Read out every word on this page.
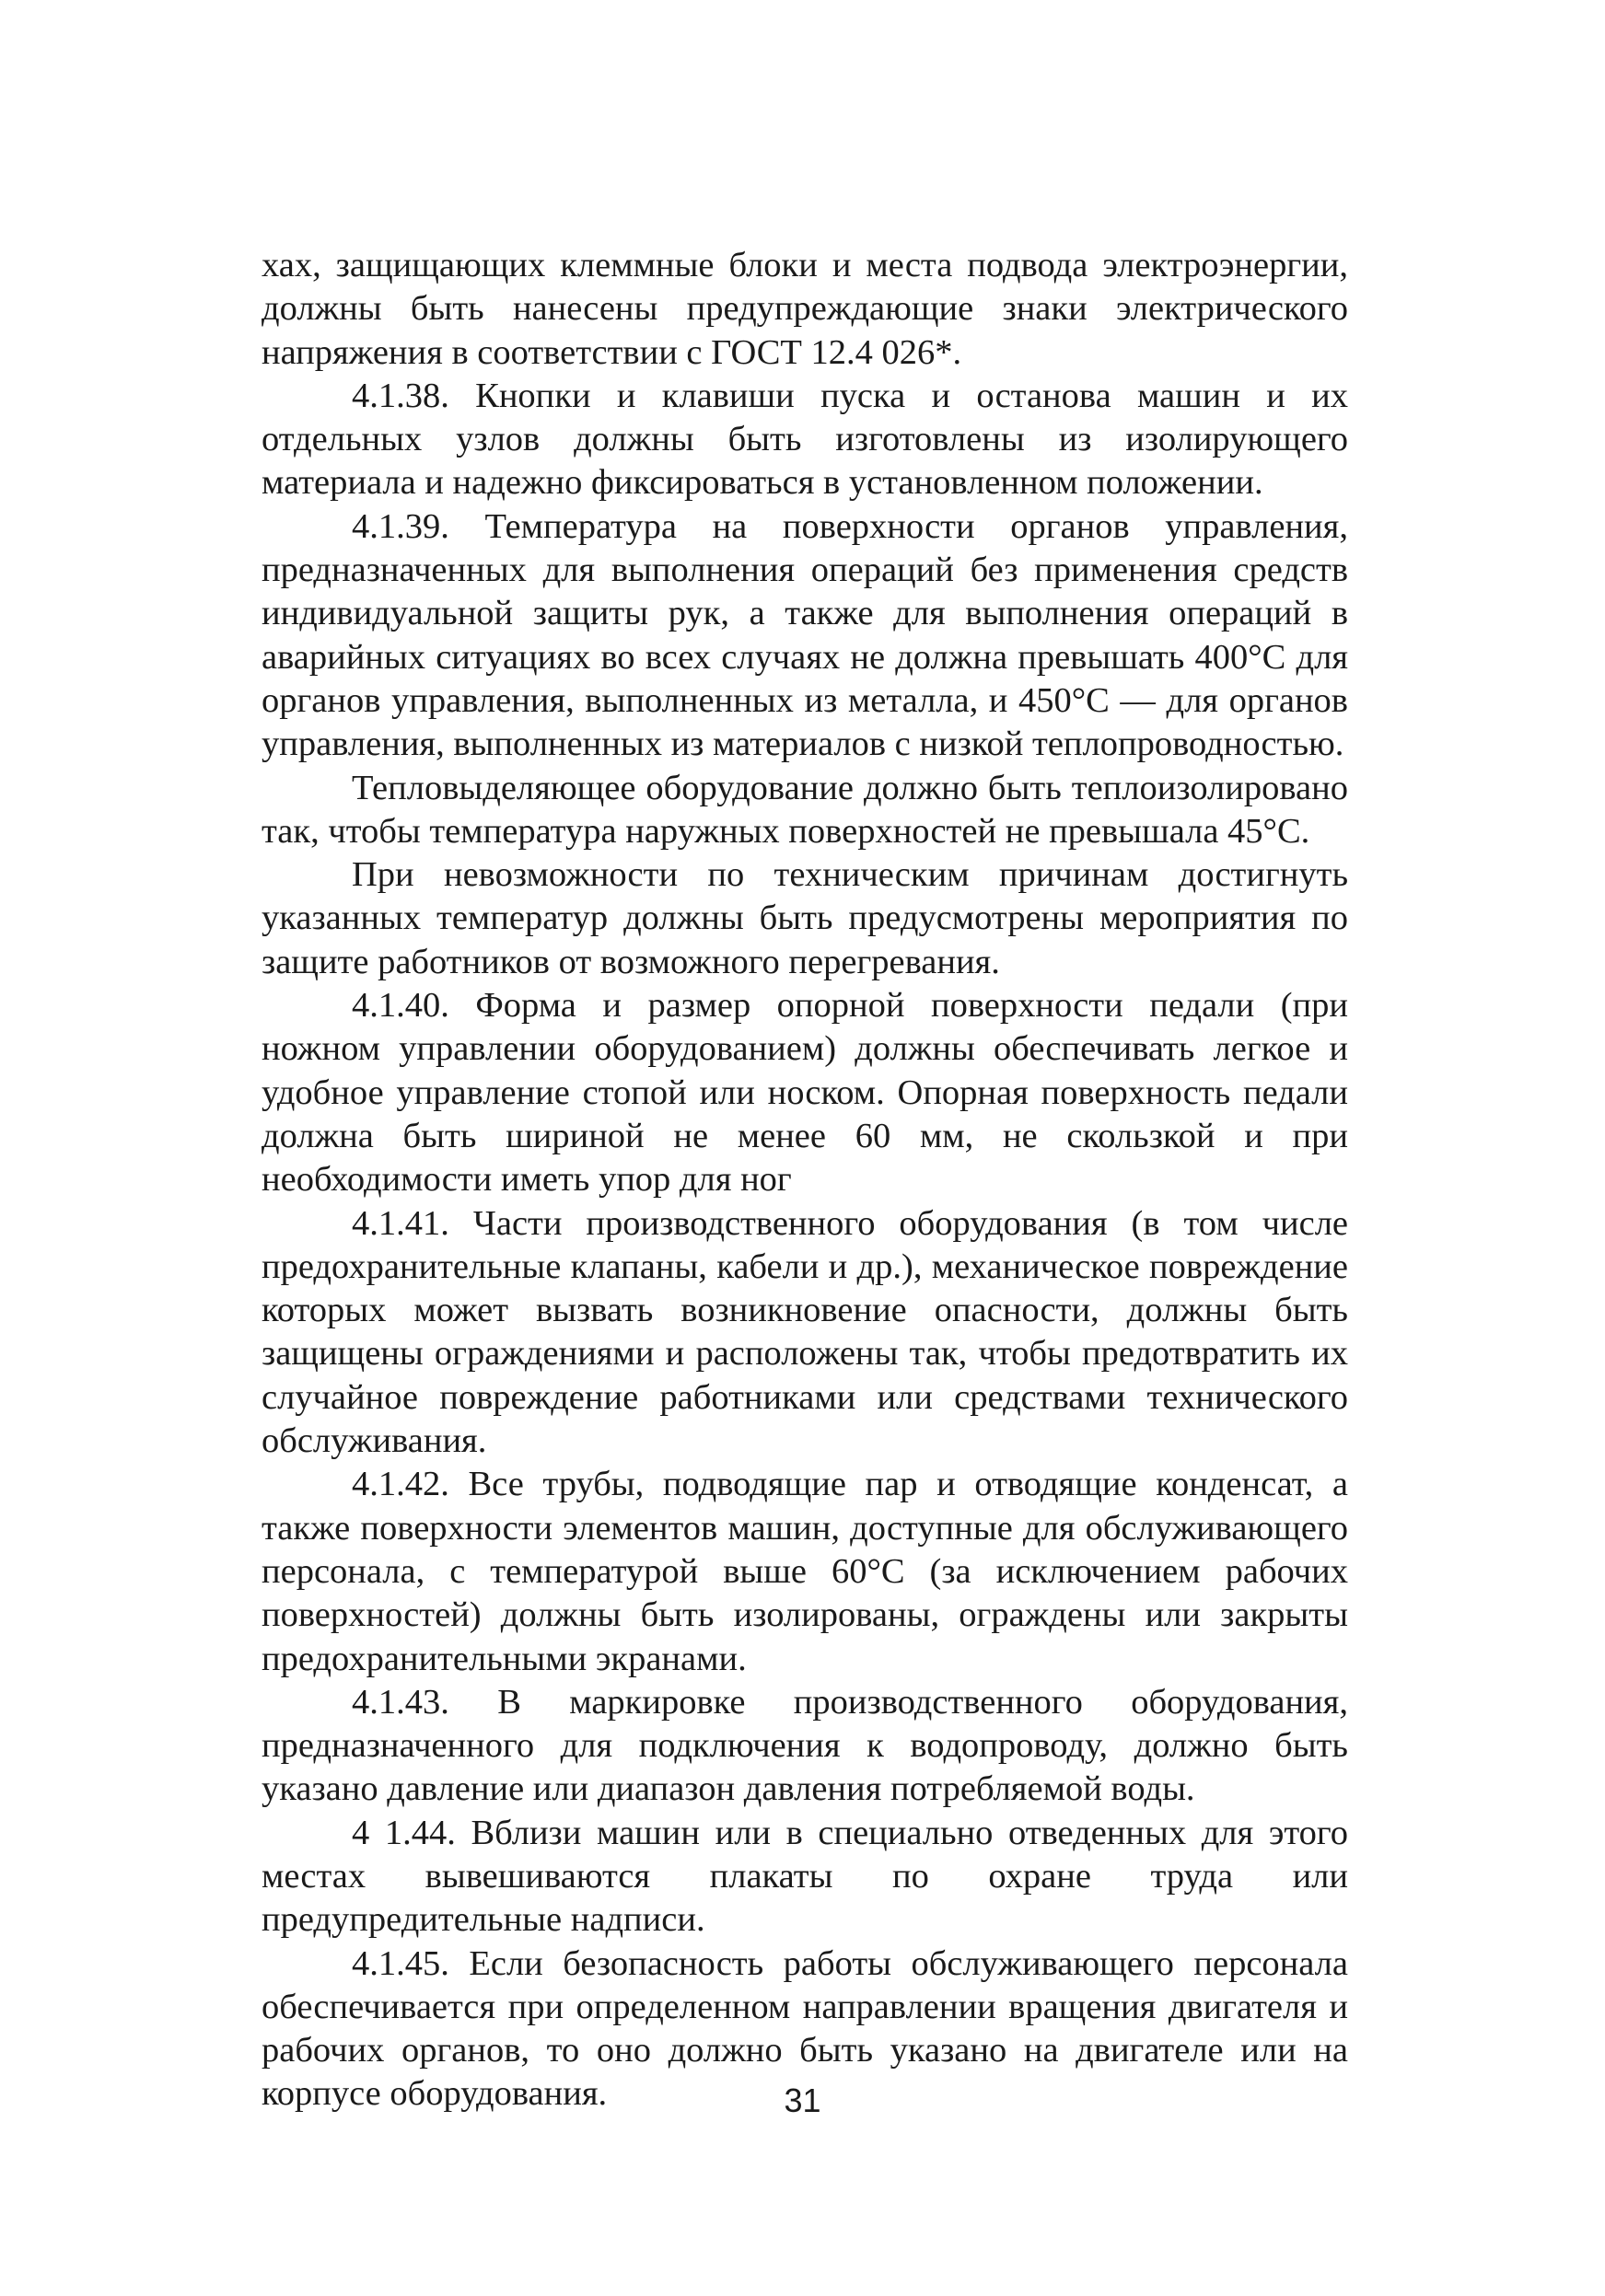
хах, защищающих клеммные блоки и места подвода электроэнергии, должны быть нанесены предупреждающие знаки электрического напряжения в соответствии с ГОСТ 12.4 026*.

4.1.38. Кнопки и клавиши пуска и останова машин и их отдельных узлов должны быть изготовлены из изолирующего материала и надежно фиксироваться в установленном положении.

4.1.39. Температура на поверхности органов управления, предназначенных для выполнения операций без применения средств индивидуальной защиты рук, а также для выполнения операций в аварийных ситуациях во всех случаях не должна превышать 400°С для органов управления, выполненных из металла, и 450°С — для органов управления, выполненных из материалов с низкой теплопроводностью.

Тепловыделяющее оборудование должно быть теплоизолировано так, чтобы температура наружных поверхностей не превышала 45°С.

При невозможности по техническим причинам достигнуть указанных температур должны быть предусмотрены мероприятия по защите работников от возможного перегревания.

4.1.40. Форма и размер опорной поверхности педали (при ножном управлении оборудованием) должны обеспечивать легкое и удобное управление стопой или носком. Опорная поверхность педали должна быть шириной не менее 60 мм, не скользкой и при необходимости иметь упор для ног

4.1.41. Части производственного оборудования (в том числе предохранительные клапаны, кабели и др.), механическое повреждение которых может вызвать возникновение опасности, должны быть защищены ограждениями и расположены так, чтобы предотвратить их случайное повреждение работниками или средствами технического обслуживания.

4.1.42. Все трубы, подводящие пар и отводящие конденсат, а также поверхности элементов машин, доступные для обслуживающего персонала, с температурой выше 60°С (за исключением рабочих поверхностей) должны быть изолированы, ограждены или закрыты предохранительными экранами.

4.1.43. В маркировке производственного оборудования, предназначенного для подключения к водопроводу, должно быть указано давление или диапазон давления потребляемой воды.

4 1.44. Вблизи машин или в специально отведенных для этого местах вывешиваются плакаты по охране труда или предупредительные надписи.

4.1.45. Если безопасность работы обслуживающего персонала обеспечивается при определенном направлении вращения двигателя и рабочих органов, то оно должно быть указано на двигателе или на корпусе оборудования.	31
